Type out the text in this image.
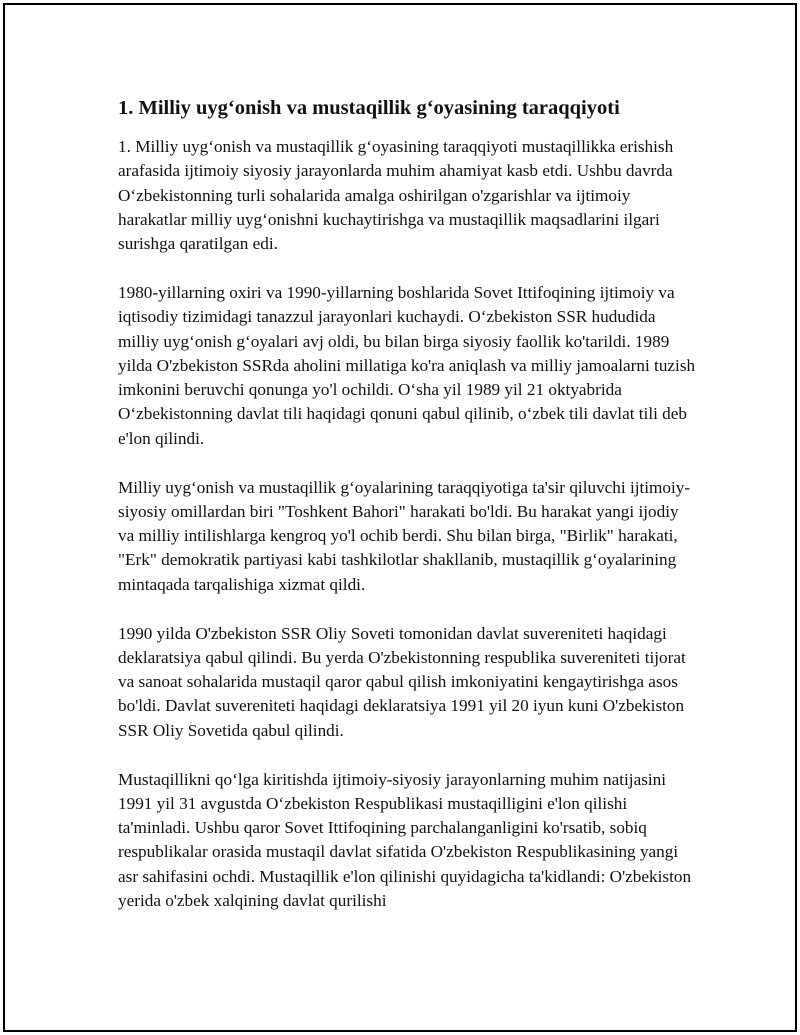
1. Milliy uyg‘onish va mustaqillik g‘oyasining taraqqiyoti

1. Milliy uyg‘onish va mustaqillik g‘oyasining taraqqiyoti mustaqillikka erishish arafasida ijtimoiy siyosiy jarayonlarda muhim ahamiyat kasb etdi. Ushbu davrda O‘zbekistonning turli sohalarida amalga oshirilgan o'zgarishlar va ijtimoiy harakatlar milliy uyg‘onishni kuchaytirishga va mustaqillik maqsadlarini ilgari surishga qaratilgan edi.

1980-yillarning oxiri va 1990-yillarning boshlarida Sovet Ittifoqining ijtimoiy va iqtisodiy tizimidagi tanazzul jarayonlari kuchaydi. O‘zbekiston SSR hududida milliy uyg‘onish g‘oyalari avj oldi, bu bilan birga siyosiy faollik ko'tarildi. 1989 yilda O'zbekiston SSRda aholini millatiga ko'ra aniqlash va milliy jamoalarni tuzish imkonini beruvchi qonunga yo'l ochildi. O‘sha yil 1989 yil 21 oktyabrida O‘zbekistonning davlat tili haqidagi qonuni qabul qilinib, o‘zbek tili davlat tili deb e'lon qilindi.

Milliy uyg‘onish va mustaqillik g‘oyalarining taraqqiyotiga ta'sir qiluvchi ijtimoiy-siyosiy omillardan biri "Toshkent Bahori" harakati bo'ldi. Bu harakat yangi ijodiy va milliy intilishlarga kengroq yo'l ochib berdi. Shu bilan birga, "Birlik" harakati, "Erk" demokratik partiyasi kabi tashkilotlar shakllanib, mustaqillik g‘oyalarining mintaqada tarqalishiga xizmat qildi.

1990 yilda O'zbekiston SSR Oliy Soveti tomonidan davlat suvereniteti haqidagi deklaratsiya qabul qilindi. Bu yerda O'zbekistonning respublika suvereniteti tijorat va sanoat sohalarida mustaqil qaror qabul qilish imkoniyatini kengaytirishga asos bo'ldi. Davlat suvereniteti haqidagi deklaratsiya 1991 yil 20 iyun kuni O'zbekiston SSR Oliy Sovetida qabul qilindi.

Mustaqillikni qo‘lga kiritishda ijtimoiy-siyosiy jarayonlarning muhim natijasini 1991 yil 31 avgustda O‘zbekiston Respublikasi mustaqilligini e'lon qilishi ta'minladi. Ushbu qaror Sovet Ittifoqining parchalanganligini ko'rsatib, sobiq respublikalar orasida mustaqil davlat sifatida O'zbekiston Respublikasining yangi asr sahifasini ochdi. Mustaqillik e'lon qilinishi quyidagicha ta'kidlandi: O'zbekiston yerida o'zbek xalqining davlat qurilishi
